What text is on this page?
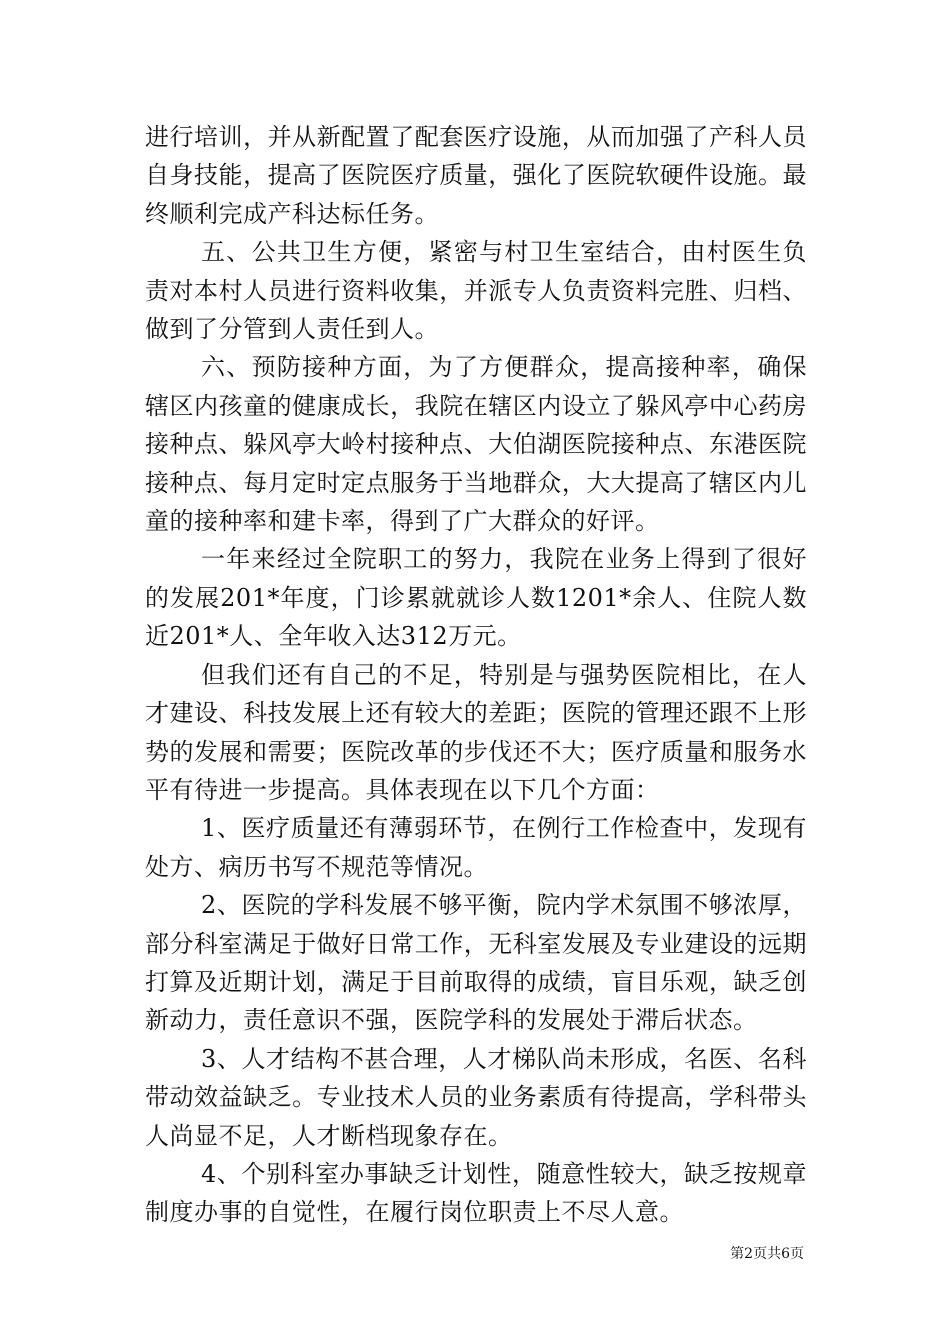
进行培训，并从新配置了配套医疗设施，从而加强了产科人员自身技能，提高了医院医疗质量，强化了医院软硬件设施。最终顺利完成产科达标任务。

五、公共卫生方便，紧密与村卫生室结合，由村医生负责对本村人员进行资料收集，并派专人负责资料完胜、归档、做到了分管到人责任到人。

六、预防接种方面，为了方便群众，提高接种率，确保辖区内孩童的健康成长，我院在辖区内设立了躲风亭中心药房接种点、躲风亭大岭村接种点、大伯湖医院接种点、东港医院接种点、每月定时定点服务于当地群众，大大提高了辖区内儿童的接种率和建卡率，得到了广大群众的好评。

一年来经过全院职工的努力，我院在业务上得到了很好的发展201*年度，门诊累就就诊人数1201*余人、住院人数近201*人、全年收入达312万元。

但我们还有自己的不足，特别是与强势医院相比，在人才建设、科技发展上还有较大的差距；医院的管理还跟不上形势的发展和需要；医院改革的步伐还不大；医疗质量和服务水平有待进一步提高。具体表现在以下几个方面：

1、医疗质量还有薄弱环节，在例行工作检查中，发现有处方、病历书写不规范等情况。

2、医院的学科发展不够平衡，院内学术氛围不够浓厚，部分科室满足于做好日常工作，无科室发展及专业建设的远期打算及近期计划，满足于目前取得的成绩，盲目乐观，缺乏创新动力，责任意识不强，医院学科的发展处于滞后状态。

3、人才结构不甚合理，人才梯队尚未形成，名医、名科带动效益缺乏。专业技术人员的业务素质有待提高，学科带头人尚显不足，人才断档现象存在。

4、个别科室办事缺乏计划性，随意性较大，缺乏按规章制度办事的自觉性，在履行岗位职责上不尽人意。

第2页共6页
